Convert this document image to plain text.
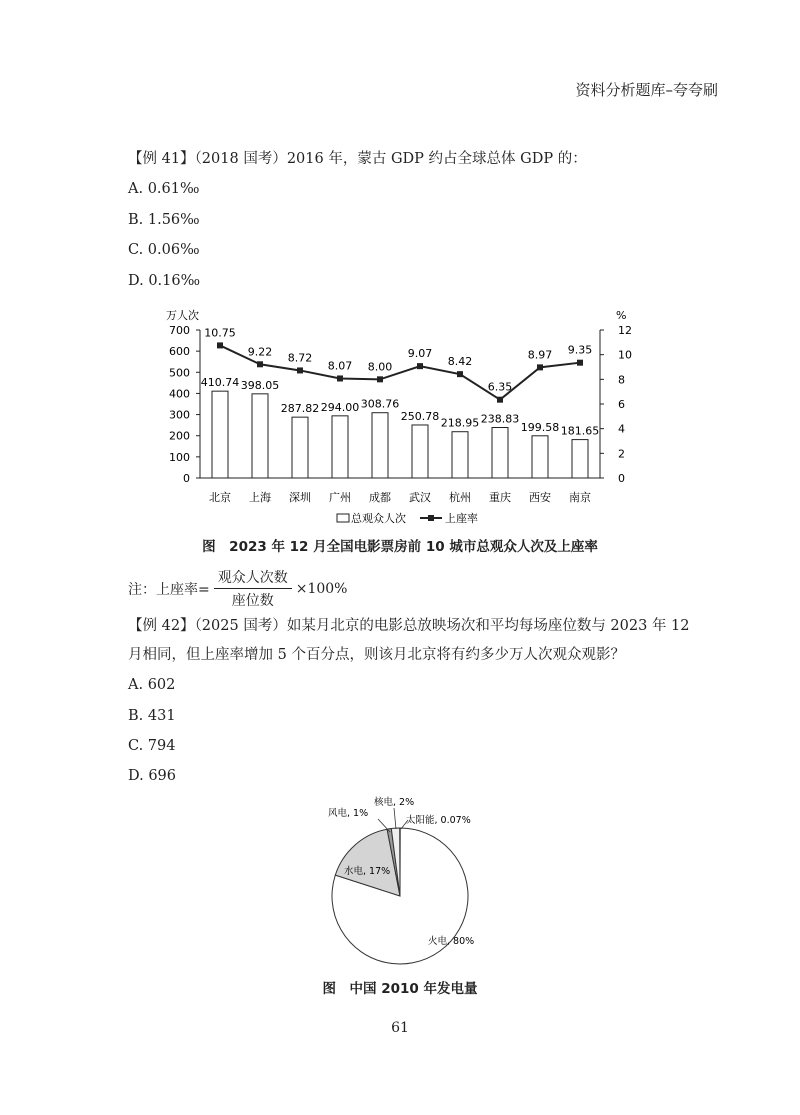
资料分析题库–夸夸刷
【例 41】（2018 国考）2016 年，蒙古 GDP 约占全球总体 GDP 的：
A. 0.61‰
B. 1.56‰
C. 0.06‰
D. 0.16‰
万人次	%
0
100
200
300
400
500
600
700
0
2
4
6
8
10
12
410.74 398.05
287.82 294.00 308.76
250.78
218.95 238.83
199.58 181.65
10.75
9.22 8.72
8.07 8.00
9.07
8.42
6.35
8.97 9.35
北京 上海 深圳 广州 成都 武汉 杭州 重庆 西安 南京
总观众人次	上座率
图　2023 年 12 月全国电影票房前 10 城市总观众人次及上座率
注：上座率= $\frac{\text{观众人次数}}{\text{座位数}} \times 100\%$
【例 42】（2025 国考）如某月北京的电影总放映场次和平均每场座位数与 2023 年 12 月相同，但上座率增加 5 个百分点，则该月北京将有约多少万人次观众观影？
A. 602
B. 431
C. 794
D. 696
火电, 80%
水电, 17%
风电, 1%
核电, 2%
太阳能, 0.07%
图　中国 2010 年发电量
61
